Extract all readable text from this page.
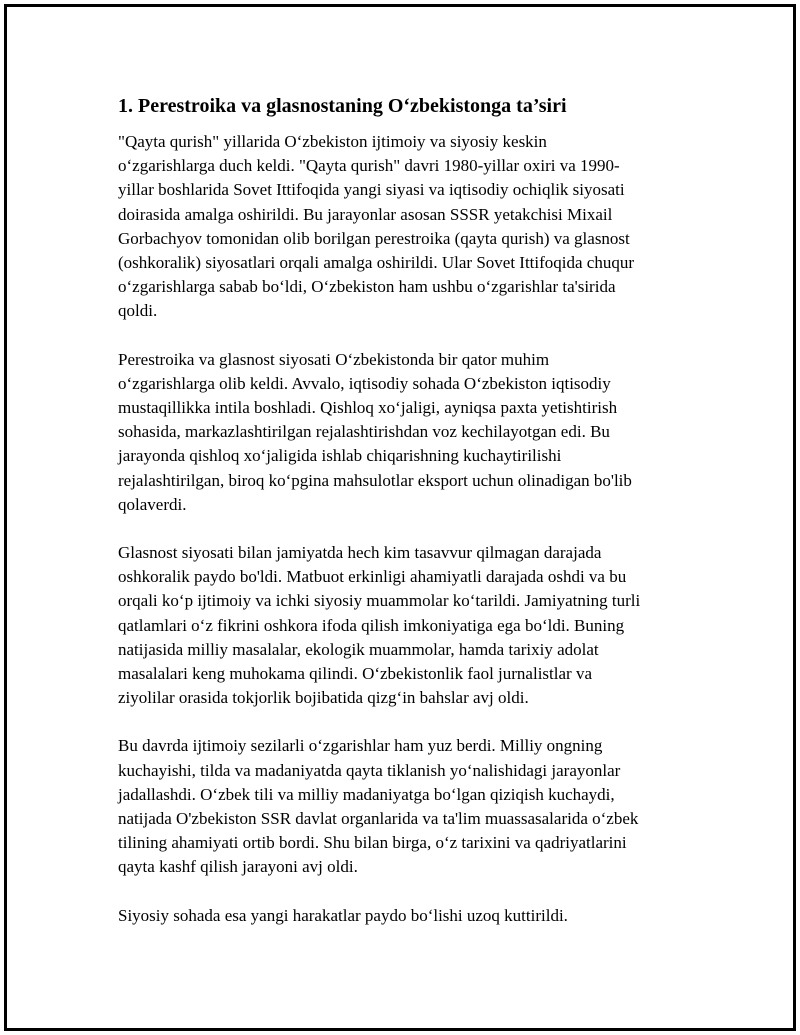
1. Perestroika va glasnostaning O‘zbekistonga ta’siri
"Qayta qurish" yillarida O‘zbekiston ijtimoiy va siyosiy keskin
o‘zgarishlarga duch keldi. "Qayta qurish" davri 1980-yillar oxiri va 1990-
yillar boshlarida Sovet Ittifoqida yangi siyasi va iqtisodiy ochiqlik siyosati
doirasida amalga oshirildi. Bu jarayonlar asosan SSSR yetakchisi Mixail
Gorbachyov tomonidan olib borilgan perestroika (qayta qurish) va glasnost
(oshkoralik) siyosatlari orqali amalga oshirildi. Ular Sovet Ittifoqida chuqur
o‘zgarishlarga sabab bo‘ldi, O‘zbekiston ham ushbu o‘zgarishlar ta'sirida
qoldi.
Perestroika va glasnost siyosati O‘zbekistonda bir qator muhim
o‘zgarishlarga olib keldi. Avvalo, iqtisodiy sohada O‘zbekiston iqtisodiy
mustaqillikka intila boshladi. Qishloq xo‘jaligi, ayniqsa paxta yetishtirish
sohasida, markazlashtirilgan rejalashtirishdan voz kechilayotgan edi. Bu
jarayonda qishloq xo‘jaligida ishlab chiqarishning kuchaytirilishi
rejalashtirilgan, biroq ko‘pgina mahsulotlar eksport uchun olinadigan bo'lib
qolaverdi.
Glasnost siyosati bilan jamiyatda hech kim tasavvur qilmagan darajada
oshkoralik paydo bo'ldi. Matbuot erkinligi ahamiyatli darajada oshdi va bu
orqali ko‘p ijtimoiy va ichki siyosiy muammolar ko‘tarildi. Jamiyatning turli
qatlamlari o‘z fikrini oshkora ifoda qilish imkoniyatiga ega bo‘ldi. Buning
natijasida milliy masalalar, ekologik muammolar, hamda tarixiy adolat
masalalari keng muhokama qilindi. O‘zbekistonlik faol jurnalistlar va
ziyolilar orasida tokjorlik bojibatida qizg‘in bahslar avj oldi.
Bu davrda ijtimoiy sezilarli o‘zgarishlar ham yuz berdi. Milliy ongning
kuchayishi, tilda va madaniyatda qayta tiklanish yo‘nalishidagi jarayonlar
jadallashdi. O‘zbek tili va milliy madaniyatga bo‘lgan qiziqish kuchaydi,
natijada O'zbekiston SSR davlat organlarida va ta'lim muassasalarida o‘zbek
tilining ahamiyati ortib bordi. Shu bilan birga, o‘z tarixini va qadriyatlarini
qayta kashf qilish jarayoni avj oldi.
Siyosiy sohada esa yangi harakatlar paydo bo‘lishi uzoq kuttirildi.
